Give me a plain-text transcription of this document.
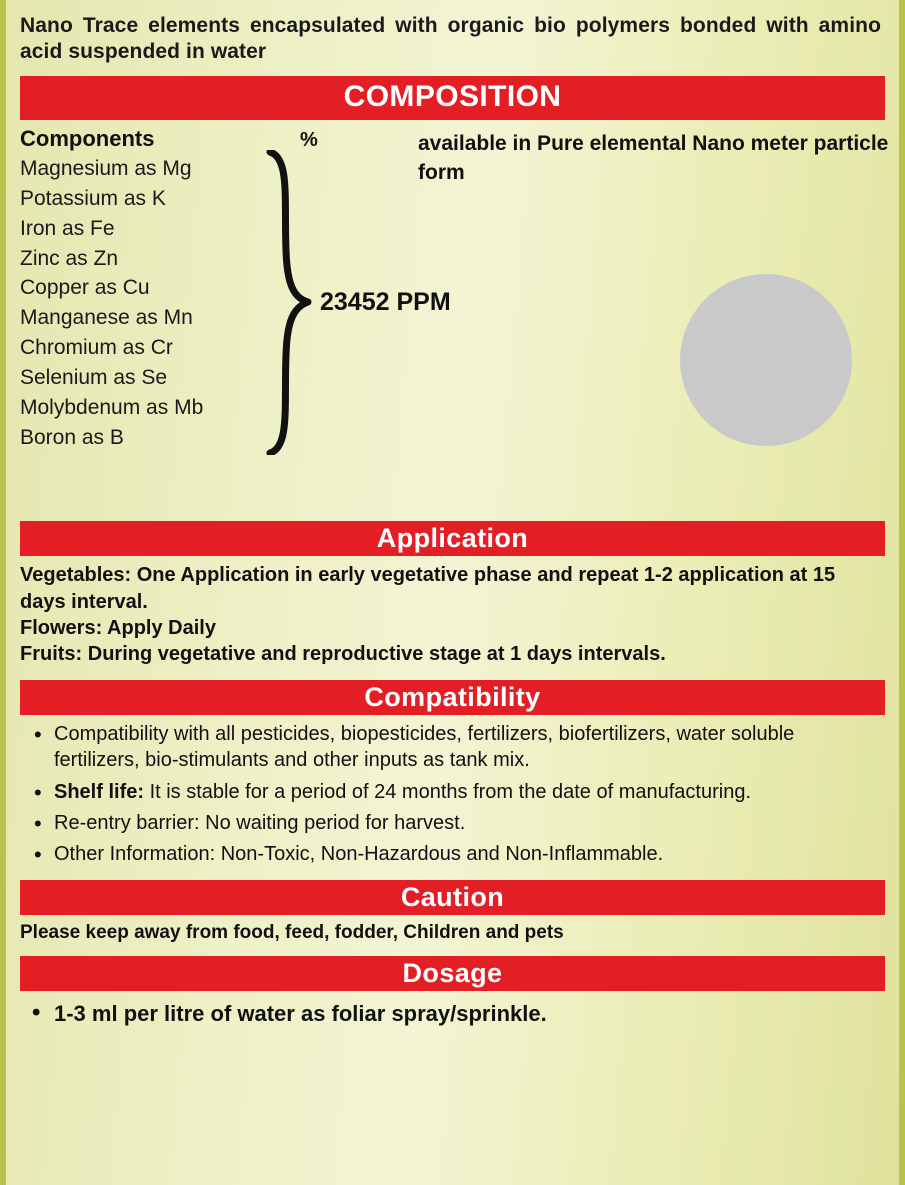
Nano Trace elements encapsulated with organic bio polymers bonded with amino acid suspended in water
COMPOSITION
Components	%
Magnesium as Mg
Potassium as K
Iron as Fe
Zinc as Zn
Copper as Cu
Manganese as Mn
Chromium as Cr
Selenium as Se
Molybdenum as Mb
Boron as B
23452 PPM
available in Pure elemental Nano meter particle form
Application
Vegetables: One Application in early vegetative phase and repeat 1-2 application at 15 days interval.
Flowers: Apply Daily
Fruits: During vegetative and reproductive stage at 1 days intervals.
Compatibility
• Compatibility with all pesticides, biopesticides, fertilizers, biofertilizers, water soluble fertilizers, bio-stimulants and other inputs as tank mix.
• Shelf life: It is stable for a period of 24 months from the date of manufacturing.
• Re-entry barrier: No waiting period for harvest.
• Other Information: Non-Toxic, Non-Hazardous and Non-Inflammable.
Caution
Please keep away from food, feed, fodder, Children and pets
Dosage
• 1-3 ml per litre of water as foliar spray/sprinkle.
